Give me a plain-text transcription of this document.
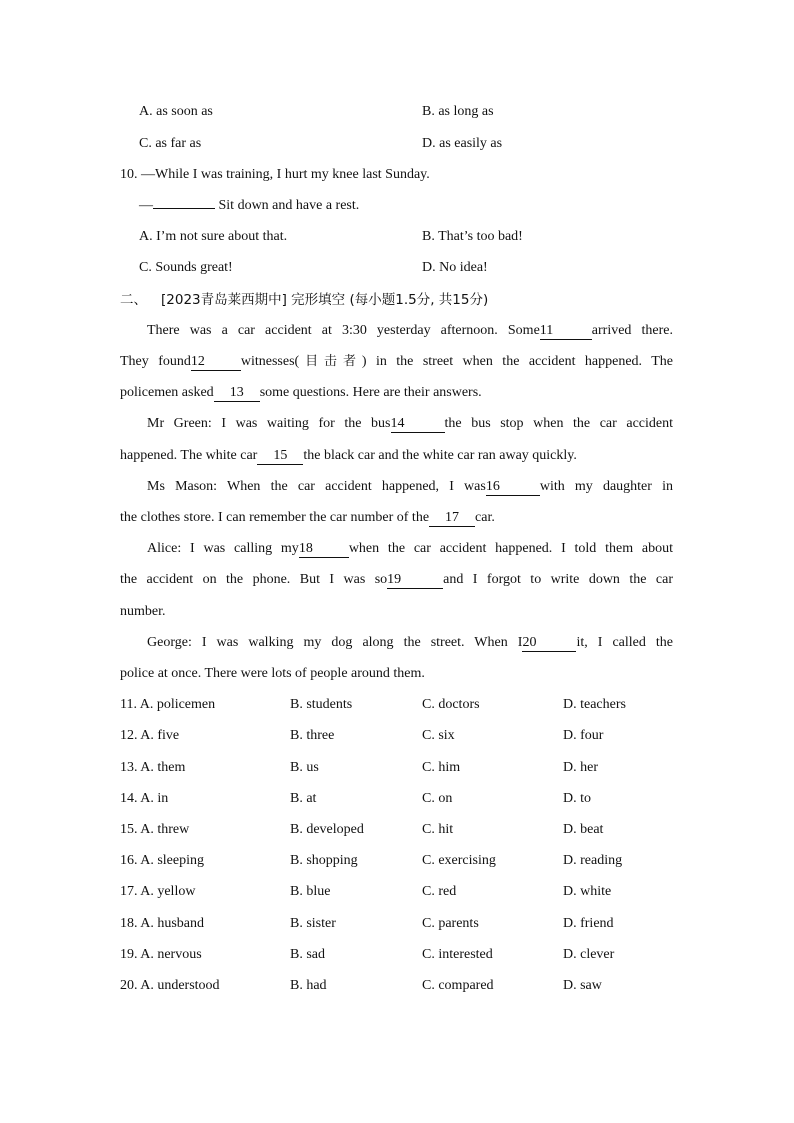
A. as soon as	B. as long as
C. as far as	D. as easily as
10. —While I was training, I hurt my knee last Sunday.
—	Sit down and have a rest.
A. I’m not sure about that.	B. That’s too bad!
C. Sounds great!	D. No idea!
二、 [2023青岛莱西期中] 完形填空 (每小题1.5分, 共15分)
There was a car accident at 3:30 yesterday afternoon. Some11	arrived there.
They found12	witnesses(目击者) in the street when the accident happened. The
policemen asked 13 some questions. Here are their answers.
Mr Green: I was waiting for the bus14	the bus stop when the car accident
happened. The white car 15 the black car and the white car ran away quickly.
Ms Mason: When the car accident happened, I was16	with my daughter in
the clothes store. I can remember the car number of the 17 car.
Alice: I was calling my18	when the car accident happened. I told them about
the accident on the phone. But I was so19	and I forgot to write down the car
number.
George: I was walking my dog along the street. When I20	it, I called the
police at once. There were lots of people around them.
11. A. policemen	B. students	C. doctors	D. teachers
12. A. five	B. three	C. six	D. four
13. A. them	B. us	C. him	D. her
14. A. in	B. at	C. on	D. to
15. A. threw	B. developed	C. hit	D. beat
16. A. sleeping	B. shopping	C. exercising	D. reading
17. A. yellow	B. blue	C. red	D. white
18. A. husband	B. sister	C. parents	D. friend
19. A. nervous	B. sad	C. interested	D. clever
20. A. understood	B. had	C. compared	D. saw
